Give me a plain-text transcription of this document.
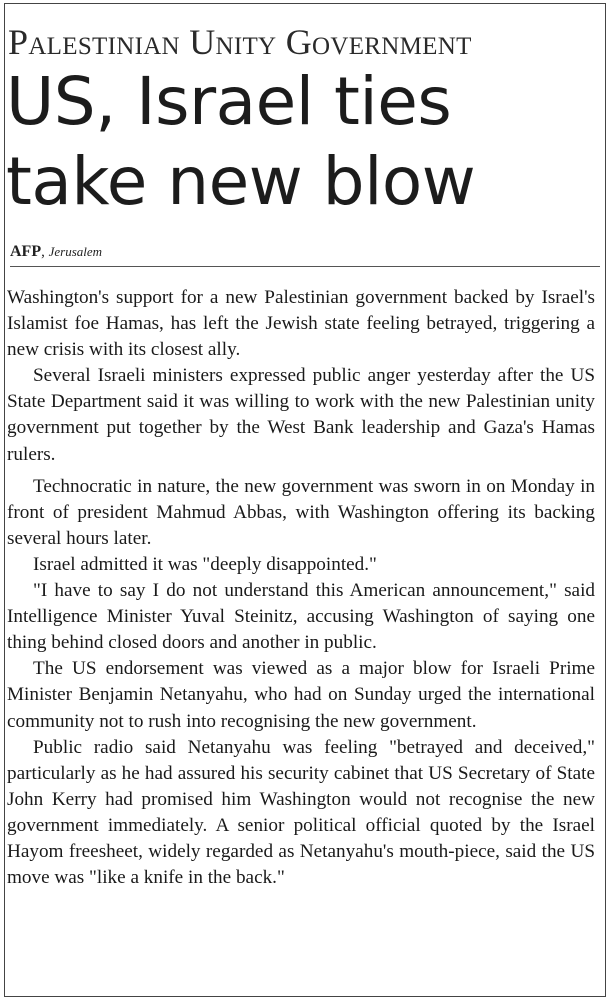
Palestinian Unity Government
US, Israel ties
take new blow
AFP, Jerusalem

Washington's support for a new Palestinian government backed by Israel's Islamist foe Hamas, has left the Jewish state feeling betrayed, triggering a new crisis with its closest ally.

Several Israeli ministers expressed public anger yesterday after the US State Department said it was willing to work with the new Palestinian unity government put together by the West Bank leadership and Gaza's Hamas rulers.

Technocratic in nature, the new government was sworn in on Monday in front of president Mahmud Abbas, with Washington offering its backing several hours later.

Israel admitted it was "deeply disappointed."

"I have to say I do not understand this American announcement," said Intelligence Minister Yuval Steinitz, accusing Washington of saying one thing behind closed doors and another in public.

The US endorsement was viewed as a major blow for Israeli Prime Minister Benjamin Netanyahu, who had on Sunday urged the international community not to rush into recognising the new government.

Public radio said Netanyahu was feeling "betrayed and deceived," particularly as he had assured his security cabinet that US Secretary of State John Kerry had promised him Washington would not recognise the new government immediately. A senior political official quoted by the Israel Hayom freesheet, widely regarded as Netanyahu's mouth-piece, said the US move was "like a knife in the back."
